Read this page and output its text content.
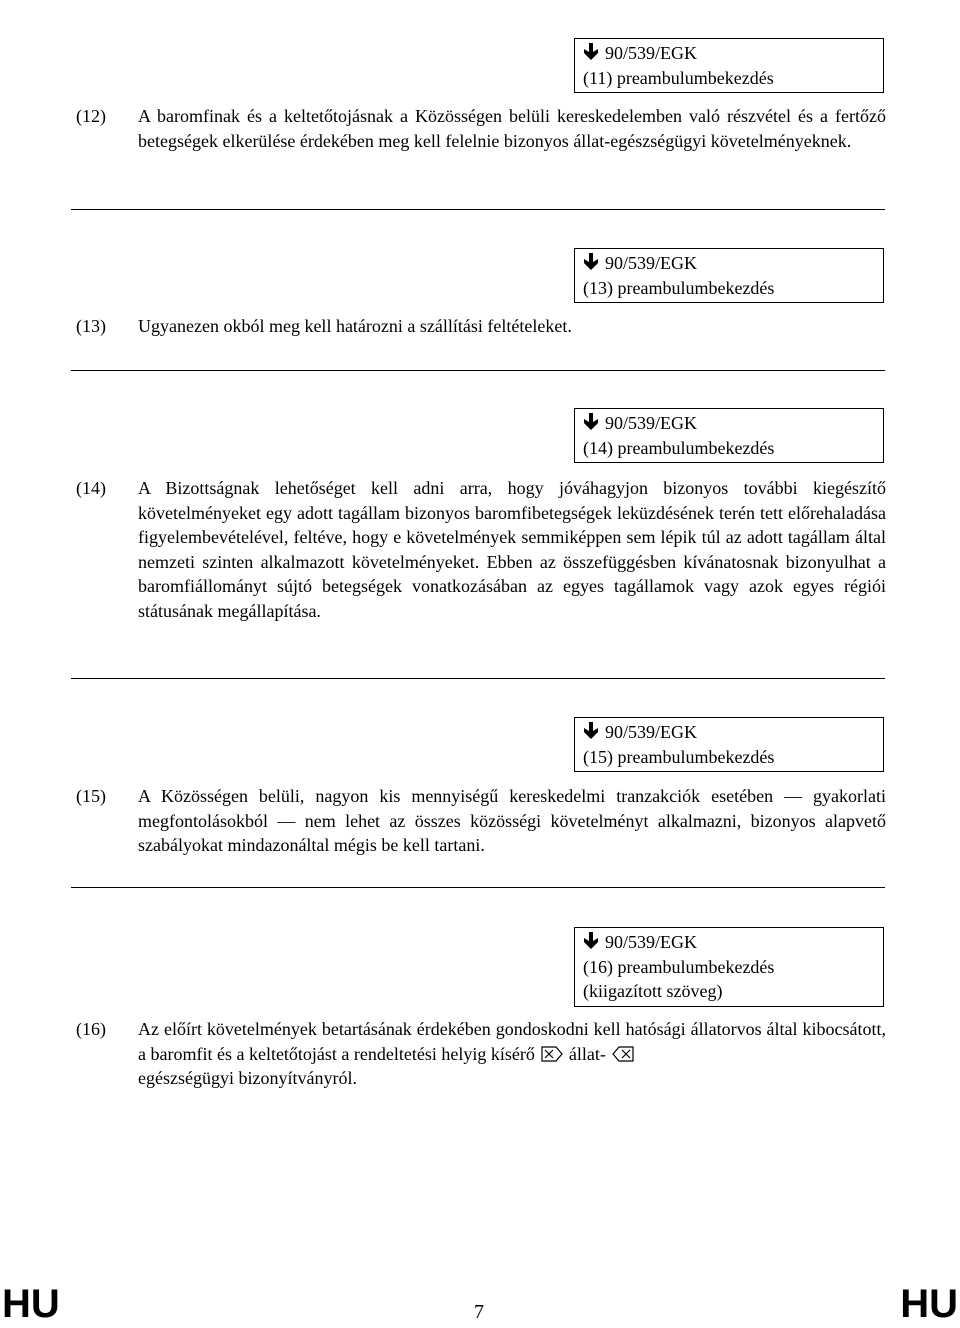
90/539/EGK
(11) preambulumbekezdés
(12)	A baromfinak és a keltetőtojásnak a Közösségen belüli kereskedelemben való részvétel és a fertőző betegségek elkerülése érdekében meg kell felelnie bizonyos állat-egészségügyi követelményeknek.
90/539/EGK
(13) preambulumbekezdés
(13)	Ugyanezen okból meg kell határozni a szállítási feltételeket.
90/539/EGK
(14) preambulumbekezdés
(14)	A Bizottságnak lehetőséget kell adni arra, hogy jóváhagyjon bizonyos további kiegészítő követelményeket egy adott tagállam bizonyos baromfibetegségek leküzdésének terén tett előrehaladása figyelembevételével, feltéve, hogy e követelmények semmiképpen sem lépik túl az adott tagállam által nemzeti szinten alkalmazott követelményeket. Ebben az összefüggésben kívánatosnak bizonyulhat a baromfiállományt sújtó betegségek vonatkozásában az egyes tagállamok vagy azok egyes régiói státusának megállapítása.
90/539/EGK
(15) preambulumbekezdés
(15)	A Közösségen belüli, nagyon kis mennyiségű kereskedelmi tranzakciók esetében — gyakorlati megfontolásokból — nem lehet az összes közösségi követelményt alkalmazni, bizonyos alapvető szabályokat mindazonáltal mégis be kell tartani.
90/539/EGK
(16) preambulumbekezdés
(kiigazított szöveg)
(16)	Az előírt követelmények betartásának érdekében gondoskodni kell hatósági állatorvos által kibocsátott, a baromfit és a keltetőtojást a rendeltetési helyig kísérő állat-
egészségügyi bizonyítványról.
HU	7	HU
